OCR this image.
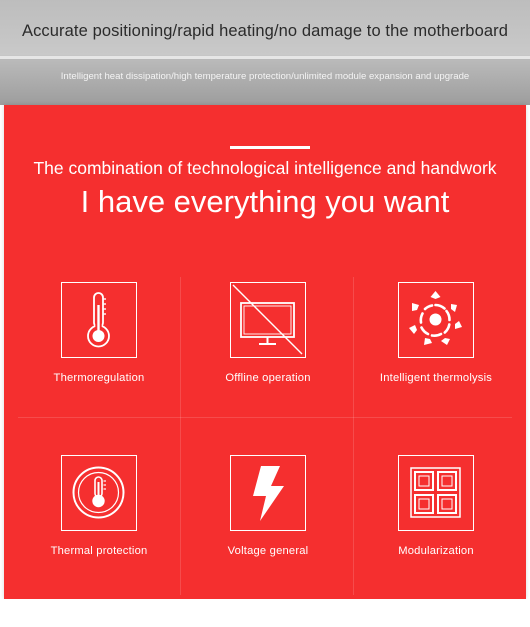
Accurate positioning/rapid heating/no damage to the motherboard
Intelligent heat dissipation/high temperature protection/unlimited module expansion and upgrade
The combination of technological intelligence and handwork
I have everything you want
Thermoregulation	Offline operation	Intelligent thermolysis
Thermal protection	Voltage general	Modularization
